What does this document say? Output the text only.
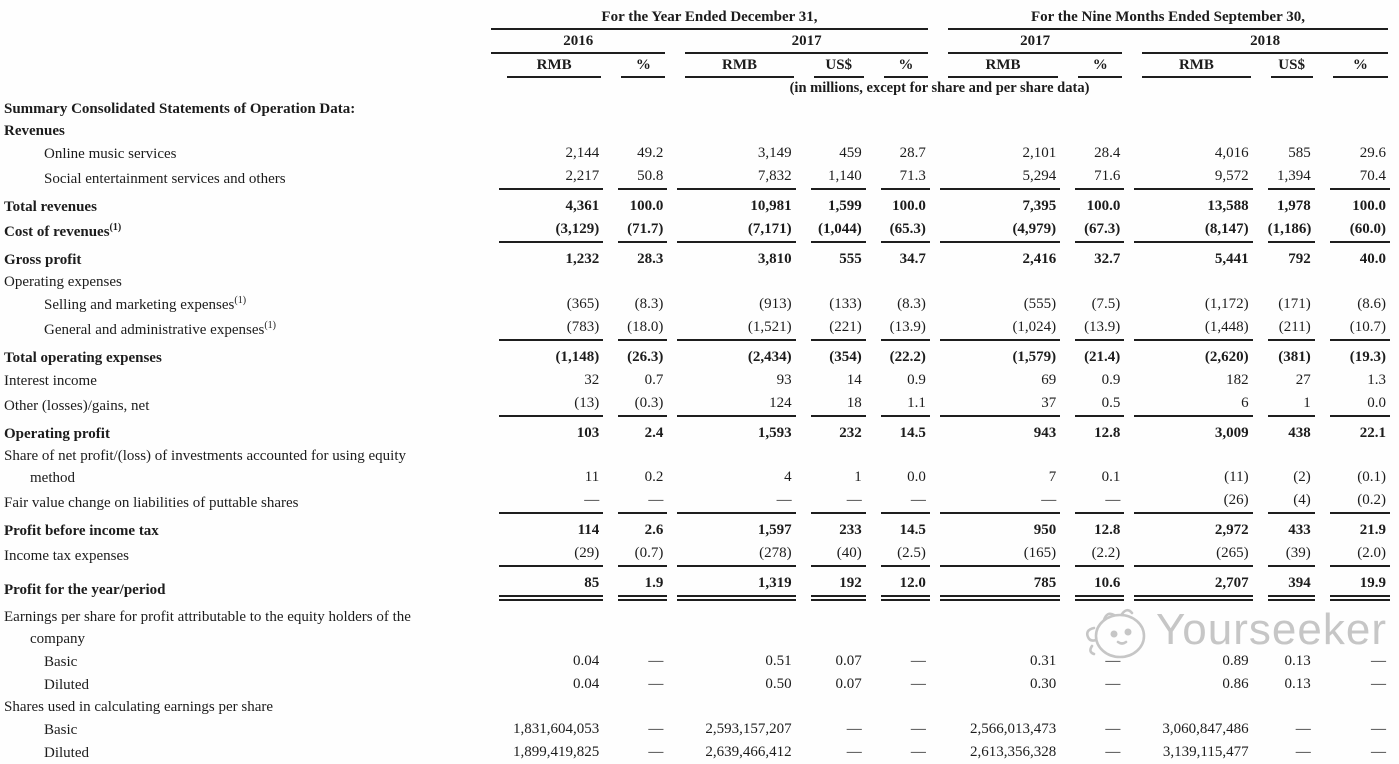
	For the Year Ended December 31,					For the Nine Months Ended September 30,				

	2016		2017			2017		2018		

	RMB	%	RMB	US$	%	RMB	%	RMB	US$	%

	(in millions, except for share and per share data)									

Summary Consolidated Statements of Operation Data:										

Revenues										

Online music services	2,144	49.2	3,149	459	28.7	2,101	28.4	4,016	585	29.6

Social entertainment services and others	2,217	50.8	7,832	1,140	71.3	5,294	71.6	9,572	1,394	70.4

Total revenues	4,361	100.0	10,981	1,599	100.0	7,395	100.0	13,588	1,978	100.0

Cost of revenues$^{(1)}$	(3,129)	(71.7)	(7,171)	(1,044)	(65.3)	(4,979)	(67.3)	(8,147)	(1,186)	(60.0)

Gross profit	1,232	28.3	3,810	555	34.7	2,416	32.7	5,441	792	40.0

Operating expenses										

Selling and marketing expenses$^{(1)}$	(365)	(8.3)	(913)	(133)	(8.3)	(555)	(7.5)	(1,172)	(171)	(8.6)

General and administrative expenses$^{(1)}$	(783)	(18.0)	(1,521)	(221)	(13.9)	(1,024)	(13.9)	(1,448)	(211)	(10.7)

Total operating expenses	(1,148)	(26.3)	(2,434)	(354)	(22.2)	(1,579)	(21.4)	(2,620)	(381)	(19.3)

Interest income	32	0.7	93	14	0.9	69	0.9	182	27	1.3

Other (losses)/gains, net	(13)	(0.3)	124	18	1.1	37	0.5	6	1	0.0

Operating profit	103	2.4	1,593	232	14.5	943	12.8	3,009	438	22.1

Share of net profit/(loss) of investments accounted for using equity
method	11	0.2	4	1	0.0	7	0.1	(11)	(2)	(0.1)

Fair value change on liabilities of puttable shares	—	—	—	—	—	—	—	(26)	(4)	(0.2)

Profit before income tax	114	2.6	1,597	233	14.5	950	12.8	2,972	433	21.9

Income tax expenses	(29)	(0.7)	(278)	(40)	(2.5)	(165)	(2.2)	(265)	(39)	(2.0)

Profit for the year/period	85	1.9	1,319	192	12.0	785	10.6	2,707	394	19.9

Earnings per share for profit attributable to the equity holders of the
company										

Basic	0.04	—	0.51	0.07	—	0.31	—	0.89	0.13	—

Diluted	0.04	—	0.50	0.07	—	0.30	—	0.86	0.13	—

Shares used in calculating earnings per share										

Basic	1,831,604,053	—	2,593,157,207	—	—	2,566,013,473	—	3,060,847,486	—	—

Diluted	1,899,419,825	—	2,639,466,412	—	—	2,613,356,328	—	3,139,115,477	—	—
Yourseeker
